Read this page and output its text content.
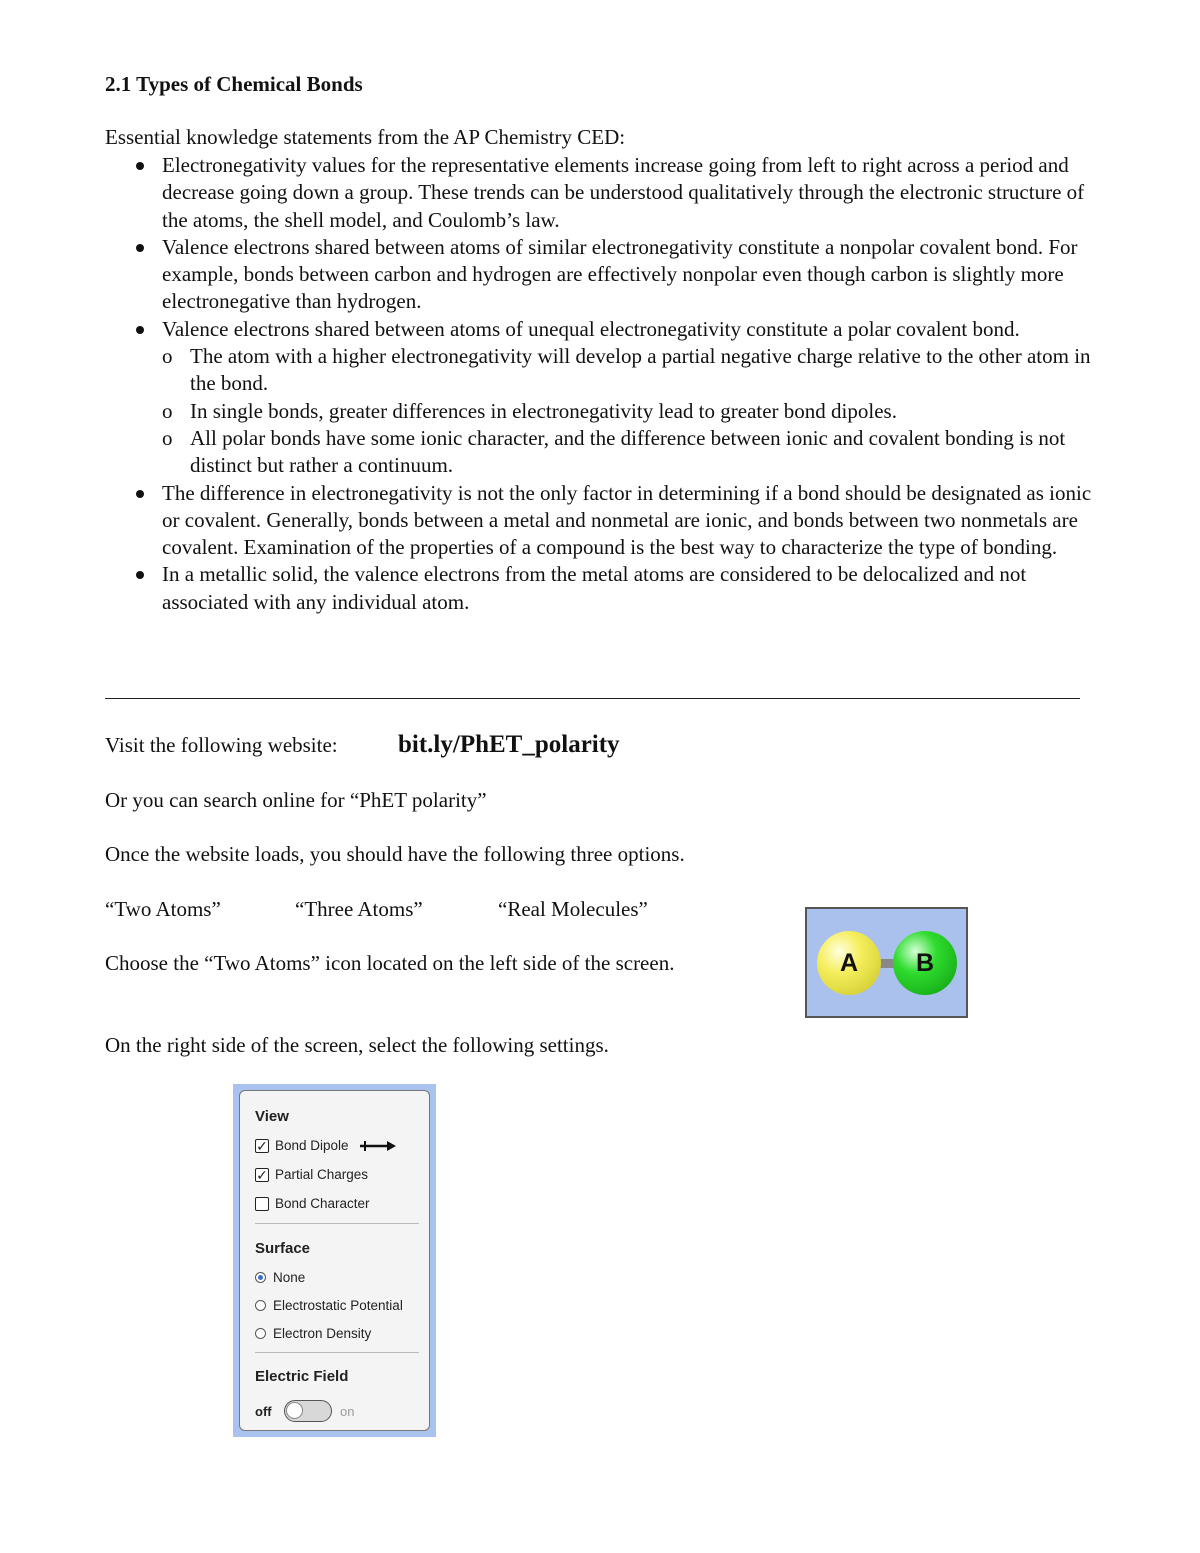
2.1 Types of Chemical Bonds
Essential knowledge statements from the AP Chemistry CED:
Electronegativity values for the representative elements increase going from left to right across a period and decrease going down a group. These trends can be understood qualitatively through the electronic structure of the atoms, the shell model, and Coulomb’s law.
Valence electrons shared between atoms of similar electronegativity constitute a nonpolar covalent bond. For example, bonds between carbon and hydrogen are effectively nonpolar even though carbon is slightly more electronegative than hydrogen.
Valence electrons shared between atoms of unequal electronegativity constitute a polar covalent bond.
o The atom with a higher electronegativity will develop a partial negative charge relative to the other atom in the bond.
o In single bonds, greater differences in electronegativity lead to greater bond dipoles.
o All polar bonds have some ionic character, and the difference between ionic and covalent bonding is not distinct but rather a continuum.
The difference in electronegativity is not the only factor in determining if a bond should be designated as ionic or covalent. Generally, bonds between a metal and nonmetal are ionic, and bonds between two nonmetals are covalent. Examination of the properties of a compound is the best way to characterize the type of bonding.
In a metallic solid, the valence electrons from the metal atoms are considered to be delocalized and not associated with any individual atom.
Visit the following website: bit.ly/PhET_polarity
Or you can search online for “PhET polarity”
Once the website loads, you should have the following three options.
“Two Atoms”	“Three Atoms”	“Real Molecules”
Choose the “Two Atoms” icon located on the left side of the screen.	A	B
On the right side of the screen, select the following settings.
View
✓ Bond Dipole
✓ Partial Charges
Bond Character
Surface
None
Electrostatic Potential
Electron Density
Electric Field
off	on
